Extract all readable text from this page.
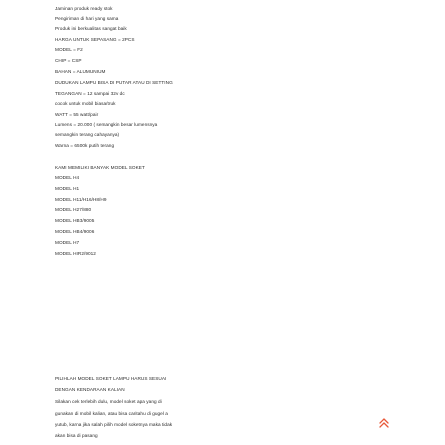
Jaminan produk ready stok
Pengiriman di hari yang sama
Produk ini berkualitas sangat baik
HARGA UNTUK SEPASANG = 2PCS
MODEL = F2
CHIP = CSP
BAHAN = ALUMUNIUM
DUDUKAN LAMPU BISA DI PUTAR ATAU DI SETTING
TEGANGAN = 12 sampai 32v dc
cocok untuk mobil biasa/truk
WATT = 55 watt/pair
Lumens = 20.000 ( semangkin besar lumensnya
semangkin terang cahayanya)
Warna = 6500k putih terang
KAMI MEMILIKI BANYAK MODEL SOKET
MODEL H4
MODEL H1
MODEL H11/H16/H8/H9
MODEL H27/880
MODEL HB3/9005
MODEL HB4/9006
MODEL H7
MODEL HIR2/9012
PILIHLAH MODEL SOKET LAMPU HARUS SESUAI
DENGAN KENDARAAN KALIAN
Silakan cek terlebih dulu, model soket apa yang di
gunakan di mobil kalian, atau bisa caritahu di gugel a
yutub, karna jika salah pilih model soketnya maka tidak
akan bisa di pasang
